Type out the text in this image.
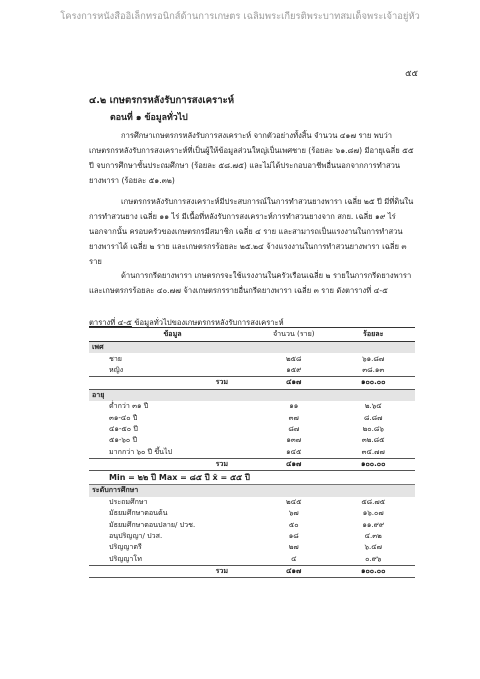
โครงการหนังสืออิเล็กทรอนิกส์ด้านการเกษตร เฉลิมพระเกียรติพระบาทสมเด็จพระเจ้าอยู่หัว
๕๕
๔.๒ เกษตรกรหลังรับการสงเคราะห์
ตอนที่ ๑ ข้อมูลทั่วไป
การศึกษาเกษตรกรหลังรับการสงเคราะห์ จากตัวอย่างทั้งสิ้น จำนวน ๔๑๗ ราย พบว่าเกษตรกรหลังรับการสงเคราะห์ที่เป็นผู้ให้ข้อมูลส่วนใหญ่เป็นเพศชาย (ร้อยละ ๖๑.๘๗) มีอายุเฉลี่ย ๕๕ ปี จบการศึกษาชั้นประถมศึกษา (ร้อยละ ๕๘.๗๕) และไม่ได้ประกอบอาชีพอื่นนอกจากการทำสวนยางพารา (ร้อยละ ๕๑.๓๒)
เกษตรกรหลังรับการสงเคราะห์มีประสบการณ์ในการทำสวนยางพารา เฉลี่ย ๒๕ ปี มีที่ดินในการทำสวนยาง เฉลี่ย ๑๑ ไร่ มีเนื้อที่หลังรับการสงเคราะห์การทำสวนยางจาก สกย. เฉลี่ย ๑๙ ไร่ นอกจากนั้น ครอบครัวของเกษตรกรมีสมาชิก เฉลี่ย ๔ ราย และสามารถเป็นแรงงานในการทำสวนยางพาราได้ เฉลี่ย ๒ ราย และเกษตรกรร้อยละ ๒๕.๒๔ จ้างแรงงานในการทำสวนยางพารา เฉลี่ย ๓ ราย
ด้านการกรีดยางพารา เกษตรกรจะใช้แรงงานในครัวเรือนเฉลี่ย ๒ รายในการกรีดยางพารา และเกษตรกรร้อยละ ๔๐.๗๗ จ้างเกษตรกรรายอื่นกรีดยางพารา เฉลี่ย ๓ ราย ดังตารางที่ ๔-๕
ตารางที่ ๔-๕ ข้อมูลทั่วไปของเกษตรกรหลังรับการสงเคราะห์
ข้อมูล	จำนวน (ราย)	ร้อยละ
เพศ		
ชาย	๒๕๘	๖๑.๘๗
หญิง	๑๕๙	๓๘.๑๓
รวม	๔๑๗	๑๐๐.๐๐
อายุ		
ต่ำกว่า ๓๑ ปี	๑๑	๒.๖๔
๓๑-๔๐ ปี	๓๗	๘.๘๗
๔๑-๕๐ ปี	๘๗	๒๐.๘๖
๕๑-๖๐ ปี	๑๓๗	๓๒.๘๕
มากกว่า ๖๐ ปี ขึ้นไป	๑๔๕	๓๔.๗๗
รวม	๔๑๗	๑๐๐.๐๐
Min = ๒๒ ปี Max = ๘๕ ปี x̄ = ๕๕ ปี		
ระดับการศึกษา		
ประถมศึกษา	๒๔๕	๕๘.๗๕
มัธยมศึกษาตอนต้น	๖๗	๑๖.๐๗
มัธยมศึกษาตอนปลาย/ ปวช.	๕๐	๑๑.๙๙
อนุปริญญา/ ปวส.	๑๘	๔.๓๒
ปริญญาตรี	๒๗	๖.๔๗
ปริญญาโท	๔	๐.๙๖
รวม	๔๑๗	๑๐๐.๐๐
